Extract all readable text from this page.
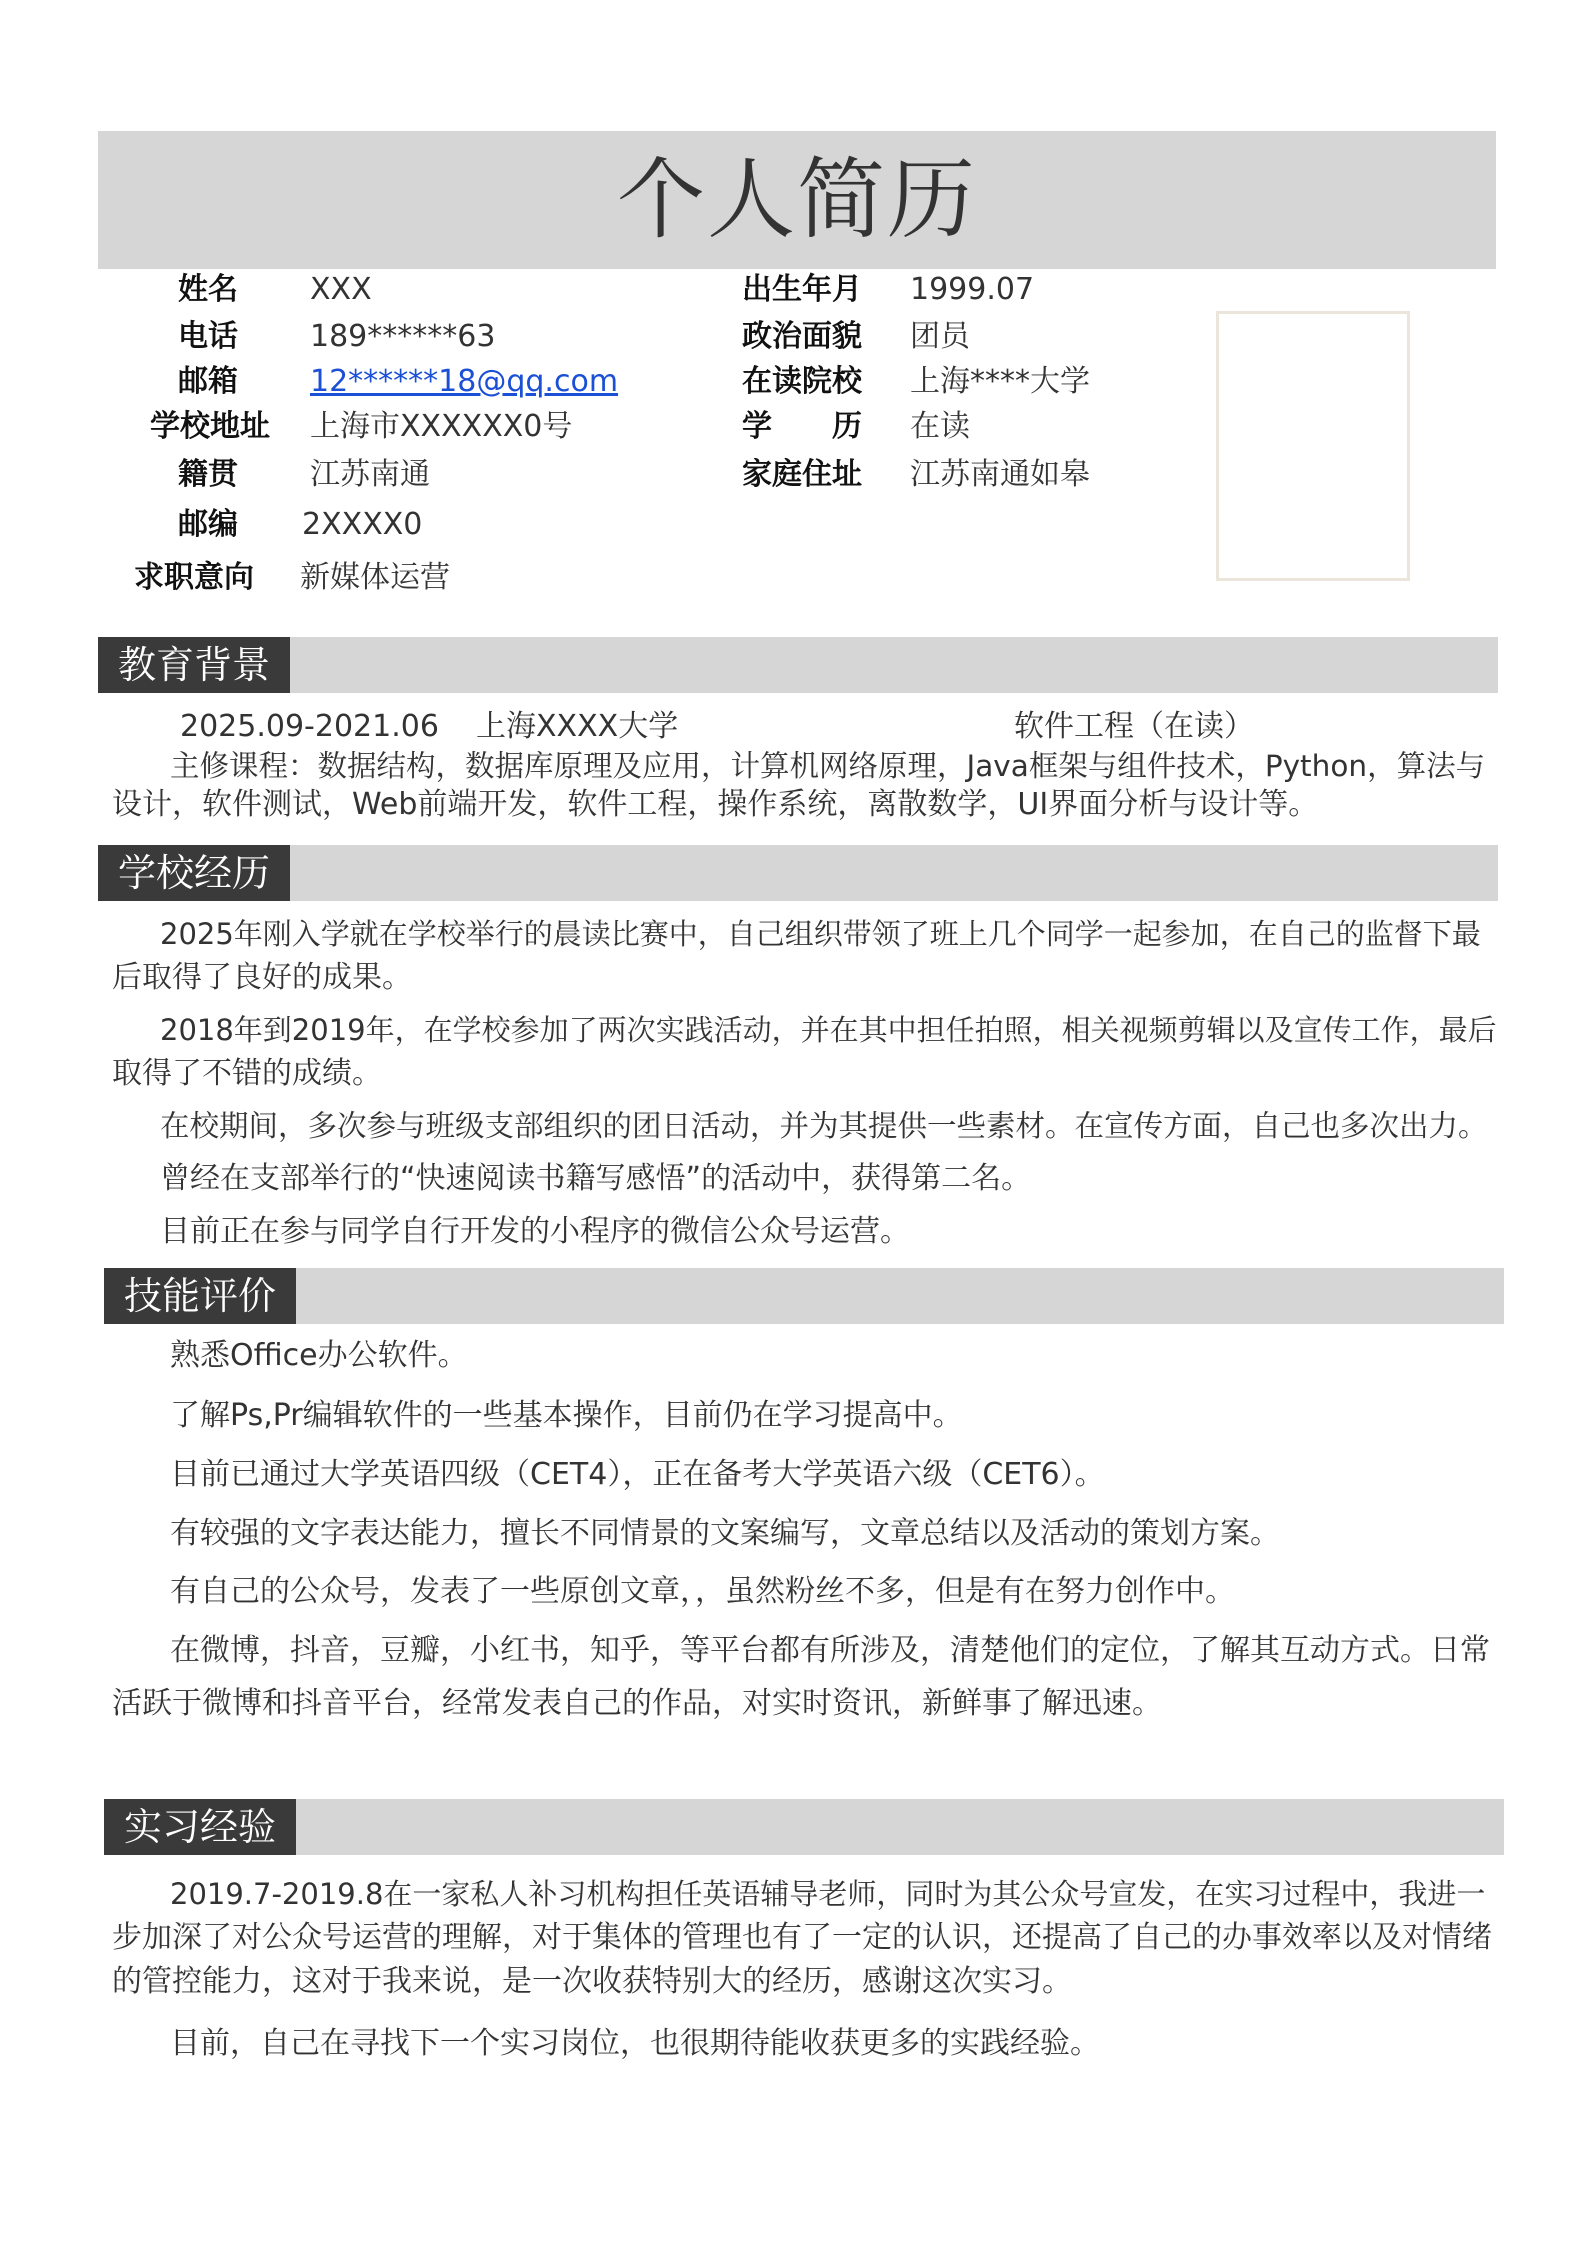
个人简历
姓名 XXX	出生年月 1999.07
电话 189******63	政治面貌 团员
邮箱 12******18@qq.com	在读院校 上海****大学
学校地址 上海市XXXXXX0号	学　　历 在读
籍贯 江苏南通	家庭住址 江苏南通如皋
邮编 2XXXX0
求职意向 新媒体运营
教育背景
2025.09-2021.06 上海XXXX大学	软件工程（在读）
主修课程：数据结构，数据库原理及应用，计算机网络原理，Java框架与组件技术，Python，算法与
设计，软件测试，Web前端开发，软件工程，操作系统，离散数学，UI界面分析与设计等。
学校经历
2025年刚入学就在学校举行的晨读比赛中，自己组织带领了班上几个同学一起参加，在自己的监督下最
后取得了良好的成果。
2018年到2019年，在学校参加了两次实践活动，并在其中担任拍照，相关视频剪辑以及宣传工作，最后
取得了不错的成绩。
在校期间，多次参与班级支部组织的团日活动，并为其提供一些素材。在宣传方面，自己也多次出力。
曾经在支部举行的“快速阅读书籍写感悟”的活动中，获得第二名。
目前正在参与同学自行开发的小程序的微信公众号运营。
技能评价
熟悉Office办公软件。
了解Ps,Pr编辑软件的一些基本操作，目前仍在学习提高中。
目前已通过大学英语四级（CET4），正在备考大学英语六级（CET6）。
有较强的文字表达能力，擅长不同情景的文案编写，文章总结以及活动的策划方案。
有自己的公众号，发表了一些原创文章，，虽然粉丝不多，但是有在努力创作中。
在微博，抖音，豆瓣，小红书，知乎，等平台都有所涉及，清楚他们的定位，了解其互动方式。日常
活跃于微博和抖音平台，经常发表自己的作品，对实时资讯，新鲜事了解迅速。
实习经验
2019.7-2019.8在一家私人补习机构担任英语辅导老师，同时为其公众号宣发，在实习过程中，我进一
步加深了对公众号运营的理解，对于集体的管理也有了一定的认识，还提高了自己的办事效率以及对情绪
的管控能力，这对于我来说，是一次收获特别大的经历，感谢这次实习。
目前，自己在寻找下一个实习岗位，也很期待能收获更多的实践经验。
